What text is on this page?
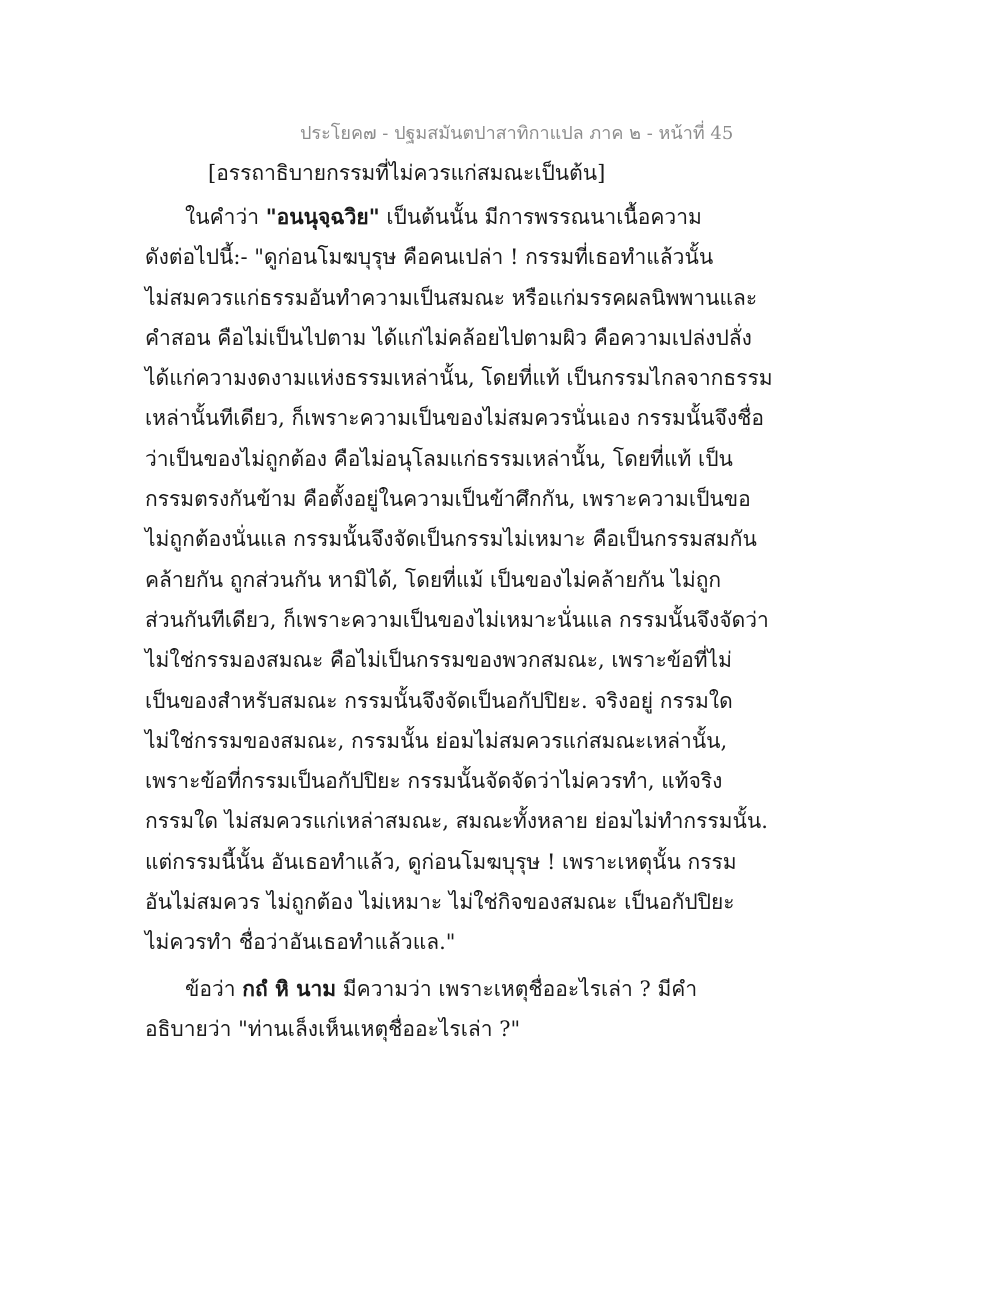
ประโยค๗ - ปฐมสมันตปาสาทิกาแปล ภาค ๒ - หน้าที่ 45
[อรรถาธิบายกรรมที่ไม่ควรแก่สมณะเป็นต้น]
ในคำว่า "อนนุจฺฉวิย" เป็นต้นนั้น มีการพรรณนาเนื้อความ
ดังต่อไปนี้:- "ดูก่อนโมฆบุรุษ คือคนเปล่า ! กรรมที่เธอทำแล้วนั้น
ไม่สมควรแก่ธรรมอันทำความเป็นสมณะ หรือแก่มรรคผลนิพพานและ
คำสอน คือไม่เป็นไปตาม ได้แก่ไม่คล้อยไปตามผิว คือความเปล่งปลั่ง
ได้แก่ความงดงามแห่งธรรมเหล่านั้น, โดยที่แท้ เป็นกรรมไกลจากธรรม
เหล่านั้นทีเดียว, ก็เพราะความเป็นของไม่สมควรนั่นเอง กรรมนั้นจึงชื่อ
ว่าเป็นของไม่ถูกต้อง คือไม่อนุโลมแก่ธรรมเหล่านั้น, โดยที่แท้ เป็น
กรรมตรงกันข้าม คือตั้งอยู่ในความเป็นข้าศึกกัน, เพราะความเป็นขอ
ไม่ถูกต้องนั่นแล กรรมนั้นจึงจัดเป็นกรรมไม่เหมาะ คือเป็นกรรมสมกัน
คล้ายกัน ถูกส่วนกัน หามิได้, โดยที่แม้ เป็นของไม่คล้ายกัน ไม่ถูก
ส่วนกันทีเดียว, ก็เพราะความเป็นของไม่เหมาะนั่นแล กรรมนั้นจึงจัดว่า
ไม่ใช่กรรมองสมณะ คือไม่เป็นกรรมของพวกสมณะ, เพราะข้อที่ไม่
เป็นของสำหรับสมณะ กรรมนั้นจึงจัดเป็นอกัปปิยะ. จริงอยู่ กรรมใด
ไม่ใช่กรรมของสมณะ, กรรมนั้น ย่อมไม่สมควรแก่สมณะเหล่านั้น,
เพราะข้อที่กรรมเป็นอกัปปิยะ กรรมนั้นจัดจัดว่าไม่ควรทำ, แท้จริง
กรรมใด ไม่สมควรแก่เหล่าสมณะ, สมณะทั้งหลาย ย่อมไม่ทำกรรมนั้น.
แต่กรรมนี้นั้น อันเธอทำแล้ว, ดูก่อนโมฆบุรุษ ! เพราะเหตุนั้น กรรม
อันไม่สมควร ไม่ถูกต้อง ไม่เหมาะ ไม่ใช่กิจของสมณะ เป็นอกัปปิยะ
ไม่ควรทำ ชื่อว่าอันเธอทำแล้วแล."
ข้อว่า กถํ หิ นาม มีความว่า เพราะเหตุชื่ออะไรเล่า ? มีคำ
อธิบายว่า "ท่านเล็งเห็นเหตุชื่ออะไรเล่า ?"
